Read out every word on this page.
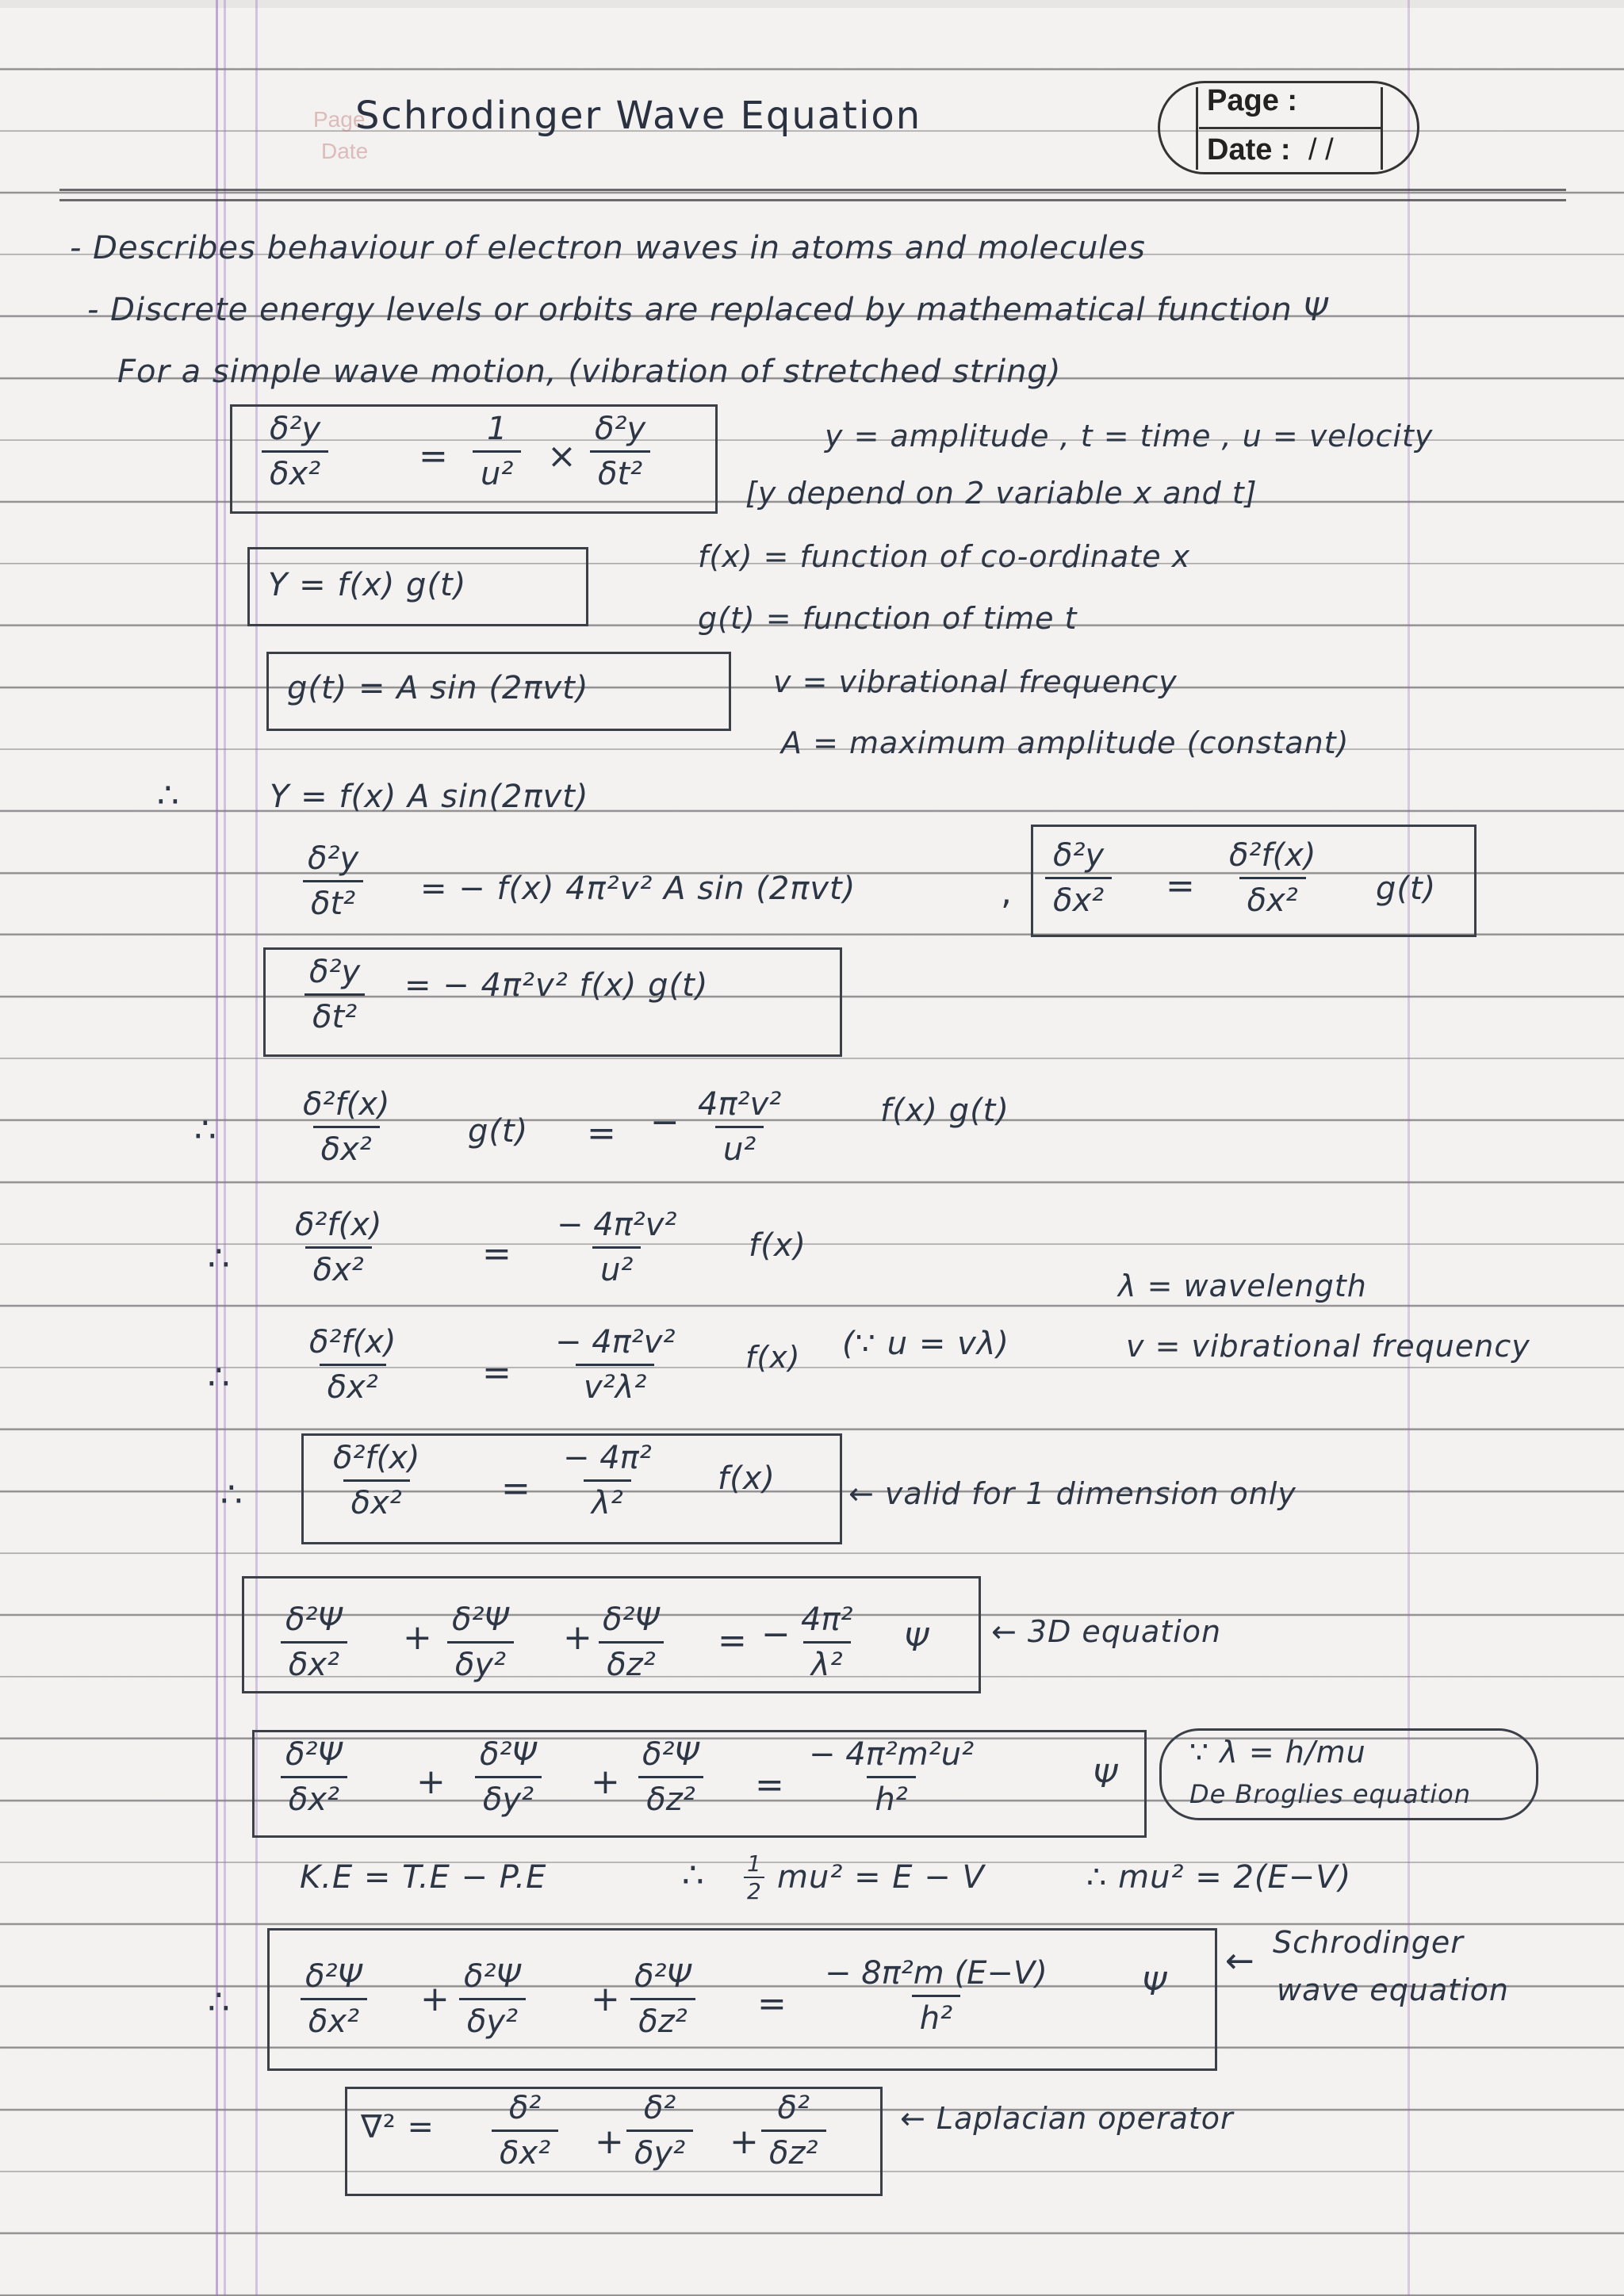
Page
Date
Schrodinger Wave Equation	Page :
Date : / /
- Describes behaviour of electron waves in atoms and molecules
- Discrete energy levels or orbits are replaced by mathematical function Ψ
For a simple wave motion, (vibration of stretched string)
$\frac{\text{δ²y}}{\text{δx²}}$	= $\frac{1}{\text{u²}} \times \frac{\text{δ²y}}{\text{δt²}}$	y = amplitude , t = time , u = velocity
[y depend on 2 variable x and t]
f(x) = function of co-ordinate x
g(t) = function of time t
v = vibrational frequency
A = maximum amplitude (constant)
Y = f(x) g(t)
g(t) = A sin (2πvt)
∴	Y = f(x) A sin(2πvt)
$\frac{\text{δ²y}}{\text{δt²}}$ = − f(x) 4π²v² A sin (2πvt)	, $\frac{\text{δ²y}}{\text{δx²}} = \frac{\text{δ²f(x)}}{\text{δx²}} g(t)$
$\frac{\text{δ²y}}{\text{δt²}}$ = − 4π²v² f(x) g(t)
∴ $\frac{\text{δ²f(x)}}{\text{δx²}} g(t)$ = − $\frac{\text{4π²v²}}{\text{u²}}$	f(x) g(t)
∴ $\frac{\text{δ²f(x)}}{\text{δx²}}$	= $\frac{\text{− 4π²v²}}{\text{u²}} f(x)$
λ = wavelength
v = vibrational frequency
∴ $\frac{\text{δ²f(x)}}{\text{δx²}} = \frac{\text{− 4π²v²}}{\text{v²λ²}} f(x)$ (∵ u = vλ)
∴	$\frac{\text{δ²f(x)}}{\text{δx²}} = \frac{\text{− 4π²}}{\text{λ²}} f(x)$ ← valid for 1 dimension only
$\frac{\text{δ²Ψ}}{\text{δx²}} + \frac{\text{δ²Ψ}}{\text{δy²}} + \frac{\text{δ²Ψ}}{\text{δz²}}$ = − $\frac{\text{4π²}}{\text{λ²}}$ Ψ ← 3D equation
$\frac{\text{δ²Ψ}}{\text{δx²}} + \frac{\text{δ²Ψ}}{\text{δy²}} + \frac{\text{δ²Ψ}}{\text{δz²}} = \frac{\text{− 4π²m²u²}}{\text{h²}}$	Ψ
∵ λ = h/mu
De Broglies equation
K.E = T.E − P.E	∴ $\frac{1}{2} mu^2 = E - V$	∴ mu² = 2(E−V)
∴ $\frac{\text{δ²Ψ}}{\text{δx²}} + \frac{\text{δ²Ψ}}{\text{δy²}} + \frac{\text{δ²Ψ}}{\text{δz²}} = \frac{\text{− 8π²m (E−V)}}{\text{h²}}$	Ψ
← Schrodinger
wave equation
$\nabla^2 = \frac{\text{δ²}}{\text{δx²}} + \frac{\text{δ²}}{\text{δy²}} + \frac{\text{δ²}}{\text{δz²}}$ ← Laplacian operator
